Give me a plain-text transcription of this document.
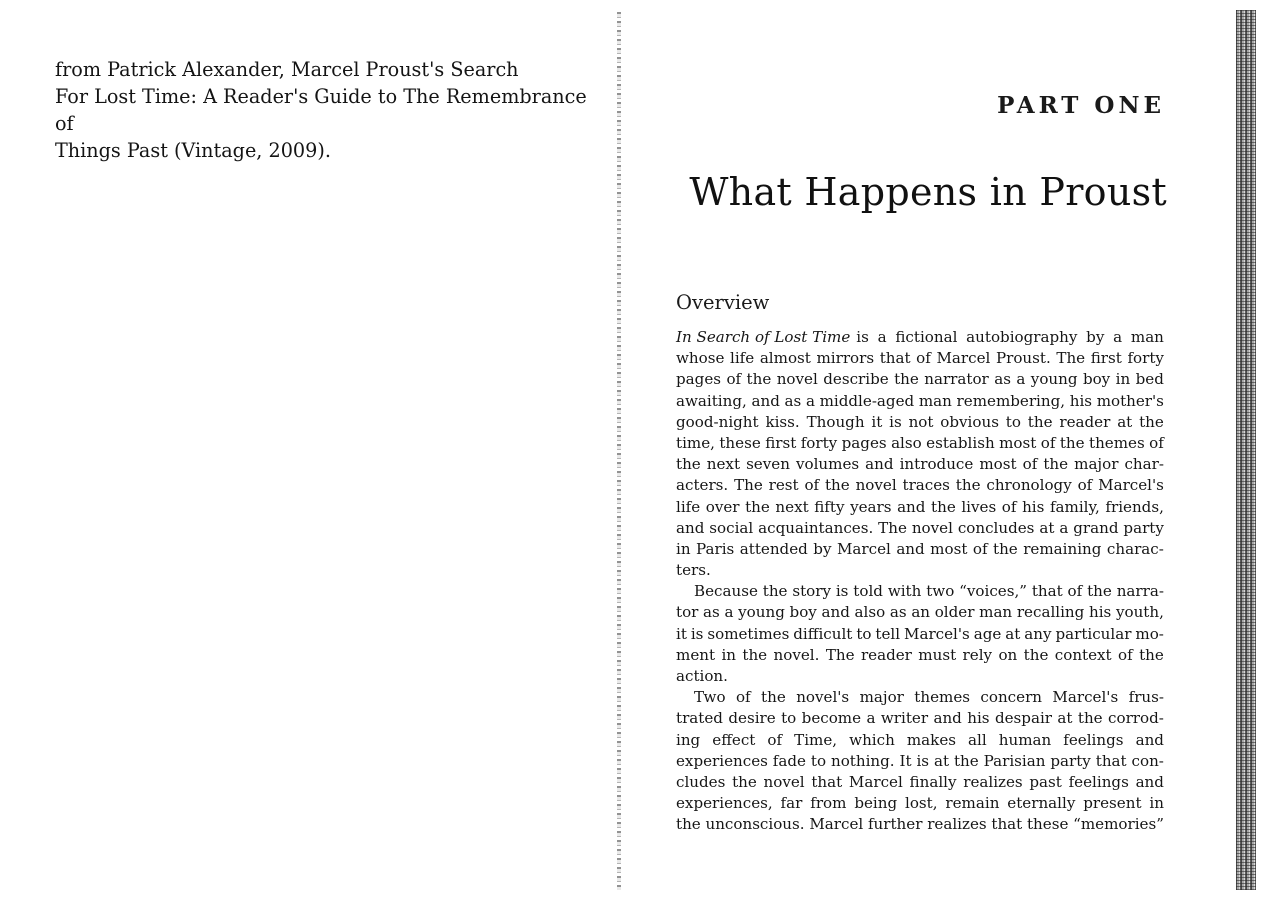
from Patrick Alexander, Marcel Proust's Search
For Lost Time: A Reader's Guide to The Remembrance of
Things Past (Vintage, 2009).
PART ONE
What Happens in Proust
Overview
In Search of Lost Time is a fictional autobiography by a man
whose life almost mirrors that of Marcel Proust. The first forty
pages of the novel describe the narrator as a young boy in bed
awaiting, and as a middle-aged man remembering, his mother's
good-night kiss. Though it is not obvious to the reader at the
time, these first forty pages also establish most of the themes of
the next seven volumes and introduce most of the major char-
acters. The rest of the novel traces the chronology of Marcel's
life over the next fifty years and the lives of his family, friends,
and social acquaintances. The novel concludes at a grand party
in Paris attended by Marcel and most of the remaining charac-
ters.
Because the story is told with two “voices,” that of the narra-
tor as a young boy and also as an older man recalling his youth,
it is sometimes difficult to tell Marcel's age at any particular mo-
ment in the novel. The reader must rely on the context of the
action.
Two of the novel's major themes concern Marcel's frus-
trated desire to become a writer and his despair at the corrod-
ing effect of Time, which makes all human feelings and
experiences fade to nothing. It is at the Parisian party that con-
cludes the novel that Marcel finally realizes past feelings and
experiences, far from being lost, remain eternally present in
the unconscious. Marcel further realizes that these “memories”
